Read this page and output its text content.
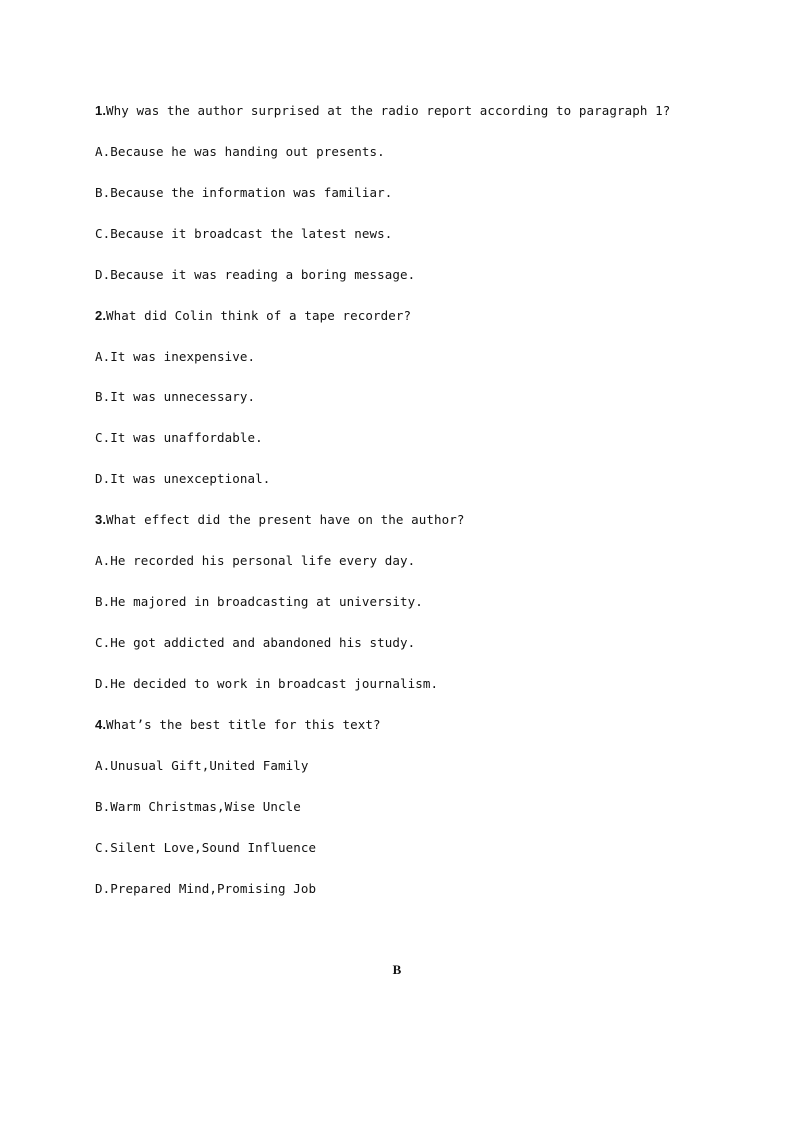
1.Why was the author surprised at the radio report according to paragraph 1?
A.Because he was handing out presents.
B.Because the information was familiar.
C.Because it broadcast the latest news.
D.Because it was reading a boring message.
2.What did Colin think of a tape recorder?
A.It was inexpensive.
B.It was unnecessary.
C.It was unaffordable.
D.It was unexceptional.
3.What effect did the present have on the author?
A.He recorded his personal life every day.
B.He majored in broadcasting at university.
C.He got addicted and abandoned his study.
D.He decided to work in broadcast journalism.
4.What’s the best title for this text?
A.Unusual Gift,United Family
B.Warm Christmas,Wise Uncle
C.Silent Love,Sound Influence
D.Prepared Mind,Promising Job
B
